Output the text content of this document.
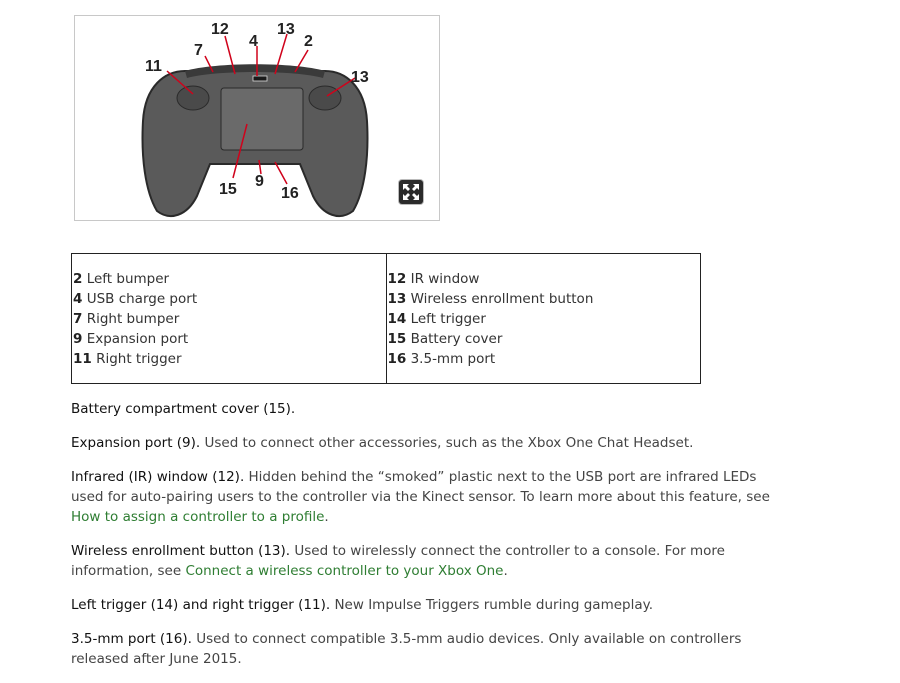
12	13
4
7
2
11
13
15 9
16
2 Left bumper
4 USB charge port
7 Right bumper
9 Expansion port
11 Right trigger

12 IR window
13 Wireless enrollment button
14 Left trigger
15 Battery cover
16 3.5-mm port

Battery compartment cover (15).

Expansion port (9). Used to connect other accessories, such as the Xbox One Chat Headset.

Infrared (IR) window (12). Hidden behind the “smoked” plastic next to the USB port are infrared LEDs used for auto-pairing users to the controller via the Kinect sensor. To learn more about this feature, see How to assign a controller to a profile.

Wireless enrollment button (13). Used to wirelessly connect the controller to a console. For more information, see Connect a wireless controller to your Xbox One.

Left trigger (14) and right trigger (11). New Impulse Triggers rumble during gameplay.

3.5-mm port (16). Used to connect compatible 3.5-mm audio devices. Only available on controllers released after June 2015.
